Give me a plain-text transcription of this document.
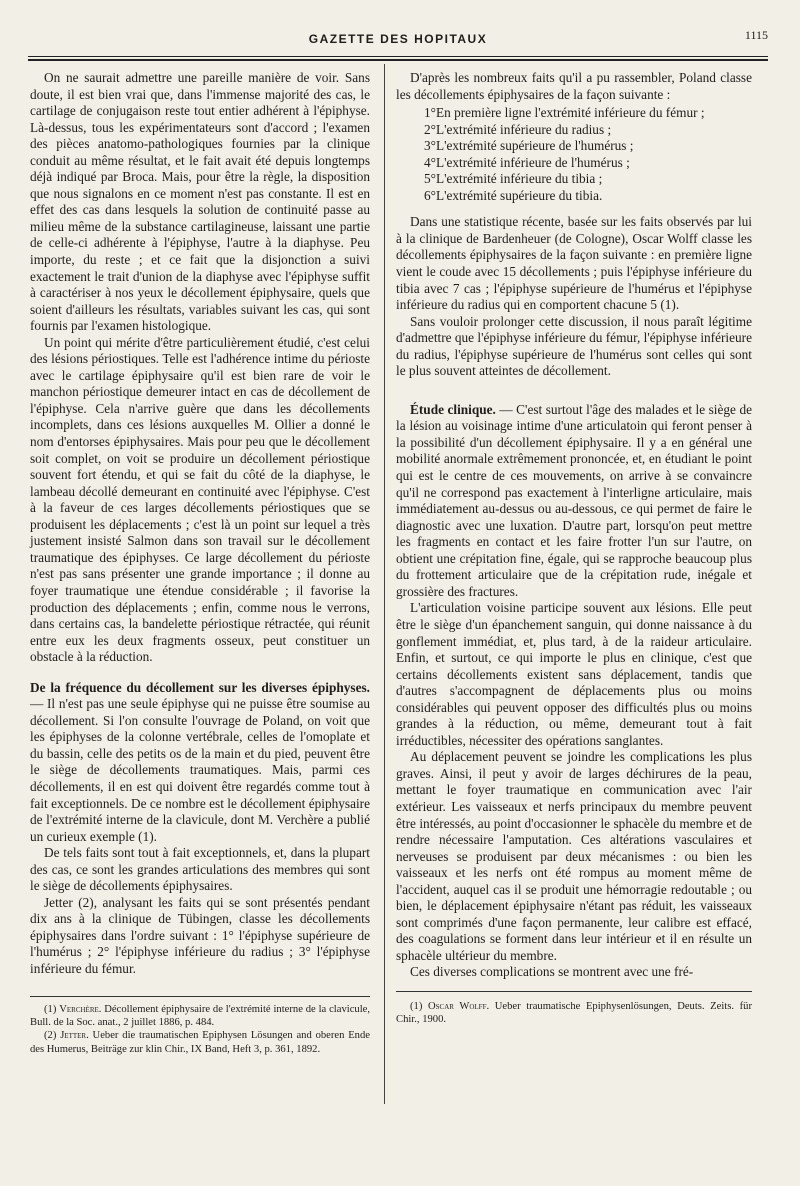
GAZETTE DES HOPITAUX	1115

On ne saurait admettre une pareille manière de voir. Sans doute, il est bien vrai que, dans l'immense majorité des cas, le cartilage de conjugaison reste tout entier adhérent à l'épiphyse. Là-dessus, tous les expérimentateurs sont d'accord ; l'examen des pièces anatomo-pathologiques fournies par la clinique conduit au même résultat, et le fait avait été depuis longtemps déjà indiqué par Broca. Mais, pour être la règle, la disposition que nous signalons en ce moment n'est pas constante. Il est en effet des cas dans lesquels la solution de continuité passe au milieu même de la substance cartilagineuse, laissant une partie de celle-ci adhérente à l'épiphyse, l'autre à la diaphyse. Peu importe, du reste ; et ce fait que la disjonction a suivi exactement le trait d'union de la diaphyse avec l'épiphyse suffit à caractériser à nos yeux le décollement épiphysaire, quels que soient d'ailleurs les résultats, variables suivant les cas, qui sont fournis par l'examen histologique.

Un point qui mérite d'être particulièrement étudié, c'est celui des lésions périostiques. Telle est l'adhérence intime du périoste avec le cartilage épiphysaire qu'il est bien rare de voir le manchon périostique demeurer intact en cas de décollement de l'épiphyse. Cela n'arrive guère que dans les décollements incomplets, dans ces lésions auxquelles M. Ollier a donné le nom d'entorses épiphysaires. Mais pour peu que le décollement soit complet, on voit se produire un décollement périostique souvent fort étendu, et qui se fait du côté de la diaphyse, le lambeau décollé demeurant en continuité avec l'épiphyse. C'est à la faveur de ces larges décollements périostiques que se produisent les déplacements ; c'est là un point sur lequel a très justement insisté Salmon dans son travail sur le décollement traumatique des épiphyses. Ce large décollement du périoste n'est pas sans présenter une grande importance ; il donne au foyer traumatique une étendue considérable ; il favorise la production des déplacements ; enfin, comme nous le verrons, dans certains cas, la bandelette périostique rétractée, qui réunit entre eux les deux fragments osseux, peut constituer un obstacle à la réduction.

De la fréquence du décollement sur les diverses épiphyses. — Il n'est pas une seule épiphyse qui ne puisse être soumise au décollement. Si l'on consulte l'ouvrage de Poland, on voit que les épiphyses de la colonne vertébrale, celles de l'omoplate et du bassin, celle des petits os de la main et du pied, peuvent être le siège de décollements traumatiques. Mais, parmi ces décollements, il en est qui doivent être regardés comme tout à fait exceptionnels. De ce nombre est le décollement épiphysaire de l'extrémité interne de la clavicule, dont M. Verchère a publié un curieux exemple (1).

De tels faits sont tout à fait exceptionnels, et, dans la plupart des cas, ce sont les grandes articulations des membres qui sont le siège de décollements épiphysaires.

Jetter (2), analysant les faits qui se sont présentés pendant dix ans à la clinique de Tübingen, classe les décollements épiphysaires dans l'ordre suivant : 1° l'épiphyse supérieure de l'humérus ; 2° l'épiphyse inférieure du radius ; 3° l'épiphyse inférieure du fémur.

(1) Verchère. Décollement épiphysaire de l'extrémité interne de la clavicule, Bull. de la Soc. anat., 2 juillet 1886, p. 484.

(2) Jetter. Ueber die traumatischen Epiphysen Lösungen and oberen Ende des Humerus, Beiträge zur klin Chir., IX Band, Heft 3, p. 361, 1892.

D'après les nombreux faits qu'il a pu rassembler, Poland classe les décollements épiphysaires de la façon suivante :

1°En première ligne l'extrémité inférieure du fémur ;
2°L'extrémité inférieure du radius ;
3°L'extrémité supérieure de l'humérus ;
4°L'extrémité inférieure de l'humérus ;
5°L'extrémité inférieure du tibia ;
6°L'extrémité supérieure du tibia.

Dans une statistique récente, basée sur les faits observés par lui à la clinique de Bardenheuer (de Cologne), Oscar Wolff classe les décollements épiphysaires de la façon suivante : en première ligne vient le coude avec 15 décollements ; puis l'épiphyse inférieure du tibia avec 7 cas ; l'épiphyse supérieure de l'humérus et l'épiphyse inférieure du radius qui en comportent chacune 5 (1).

Sans vouloir prolonger cette discussion, il nous paraît légitime d'admettre que l'épiphyse inférieure du fémur, l'épiphyse inférieure du radius, l'épiphyse supérieure de l'humérus sont celles qui sont le plus souvent atteintes de décollement.

Étude clinique. — C'est surtout l'âge des malades et le siège de la lésion au voisinage intime d'une articulatoin qui feront penser à la possibilité d'un décollement épiphysaire. Il y a en général une mobilité anormale extrêmement prononcée, et, en étudiant le point qui est le centre de ces mouvements, on arrive à se convaincre qu'il ne correspond pas exactement à l'interligne articulaire, mais immédiatement au-dessus ou au-dessous, ce qui permet de faire le diagnostic avec une luxation. D'autre part, lorsqu'on peut mettre les fragments en contact et les faire frotter l'un sur l'autre, on obtient une crépitation fine, égale, qui se rapproche beaucoup plus du frottement articulaire que de la crépitation rude, inégale et grossière des fractures.

L'articulation voisine participe souvent aux lésions. Elle peut être le siège d'un épanchement sanguin, qui donne naissance à du gonflement immédiat, et, plus tard, à de la raideur articulaire. Enfin, et surtout, ce qui importe le plus en clinique, c'est que certains décollements existent sans déplacement, tandis que d'autres s'accompagnent de déplacements plus ou moins considérables qui peuvent opposer des difficultés plus ou moins grandes à la réduction, ou même, demeurant tout à fait irréductibles, nécessiter des opérations sanglantes.

Au déplacement peuvent se joindre les complications les plus graves. Ainsi, il peut y avoir de larges déchirures de la peau, mettant le foyer traumatique en communication avec l'air extérieur. Les vaisseaux et nerfs principaux du membre peuvent être intéressés, au point d'occasionner le sphacèle du membre et de rendre nécessaire l'amputation. Ces altérations vasculaires et nerveuses se produisent par deux mécanismes : ou bien les vaisseaux et les nerfs ont été rompus au moment même de l'accident, auquel cas il se produit une hémorragie redoutable ; ou bien, le déplacement épiphysaire n'étant pas réduit, les vaisseaux sont comprimés d'une façon permanente, leur calibre est effacé, des coagulations se forment dans leur intérieur et il en résulte un sphacèle ultérieur du membre.

Ces diverses complications se montrent avec une fré-

(1) Oscar Wolff. Ueber traumatische Epiphysenlösungen, Deuts. Zeits. für Chir., 1900.
